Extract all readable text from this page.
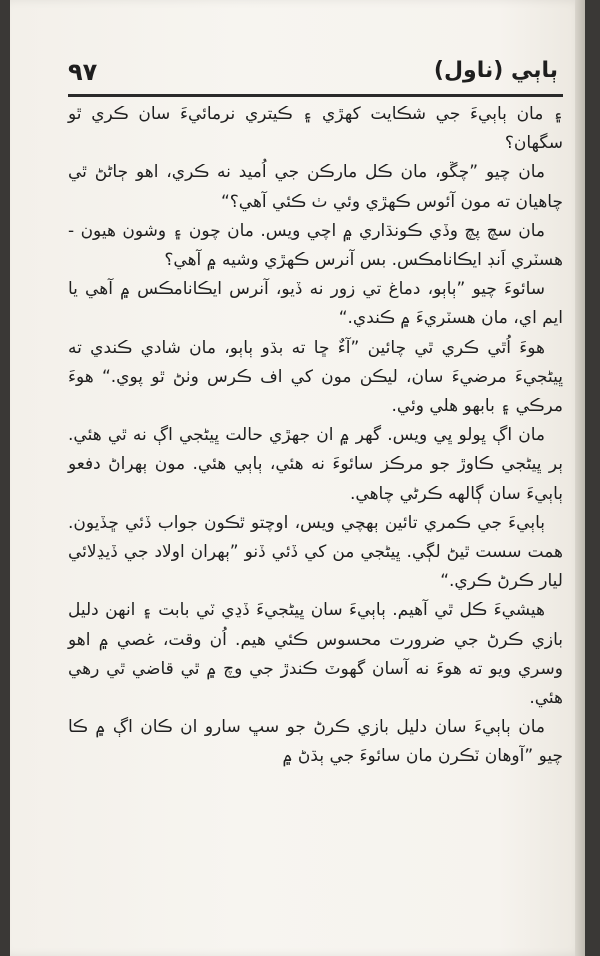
٩٧	ٻاٻي (ناول)

۽ مان ٻاٻيءَ جي شڪايت کهڙي ۽ ڪيتري نرمائيءَ سان ڪري ٿو سگهان؟

مان چيو ”چڱو، مان ڪل مارڪن جي اُميد نه ڪري، اهو ڄاڻڻ ٿي چاهيان ته مون آئوس ڪهڙي وئي ٺ ڪئي آهي؟“

مان سچ پچ وڏي ڪونڌاري ۾ اچي ويس. مان چون ۽ وشون هيون - هسٽري اَنڊ ايڪانامڪس. بس آنرس ڪهڙي وشيه ۾ آهي؟

سائوءَ چيو ”ٻاٻو، دماغ تي زور نه ڏيو، آنرس ايڪانامڪس ۾ آهي يا ايم اي، مان هسٽريءَ ۾ ڪندي.“

هوءَ اُٿي ڪري ٿي چائين ”آءٌ ڇا ته بڌو ٻاٻو، مان شادي ڪندي ته ڀيڻجيءَ مرضيءَ سان، ليڪن مون کي اف ڪرس وٺڻ ٿو پوي.“ هوءَ مرڪي ۽ بابهو هلي وئي.

مان اڳ ڀولو ڀي ويس. گهر ۾ ان جهڙي حالت ڀيڻجي اڳ نه ٿي هئي. ٻر ڀيڻجي ڪاوڙ جو مرڪز سائوءَ نه هئي، ٻاٻي هئي. مون ٻهراڻ دفعو ٻاٻيءَ سان ڳالهه ڪرڻي چاهي.

ٻاٻيءَ جي ڪمري تائين ٻهچي ويس، اوچتو ٿڪون جواب ڏئي ڇڏيون. همت سست ٿيڻ لڳي. ڀيڻجي من کي ڏئي ڏنو ”ٻهران اولاد جي ڏيڍلائي ليار ڪرڻ ڪري.“

هيشيءَ ڪل ٿي آهيم. ٻاٻيءَ سان ڀيڻجيءَ ڏڍي ٽي بابت ۽ انهن دليل بازي ڪرڻ جي ضرورت محسوس ڪئي هيم. اُن وقت، غصي ۾ اهو وسري ويو ته هوءَ نه آسان گهوٽ ڪندڙ جي وچ ۾ ٿي قاضي ٿي رهي هئي.

مان ٻاٻيءَ سان دليل بازي ڪرڻ جو سڀ سارو ان ڪان اڳ ۾ ڪا چيو ”آوهان ٽڪرن مان سائوءَ جي ٻڌڻ ۾
